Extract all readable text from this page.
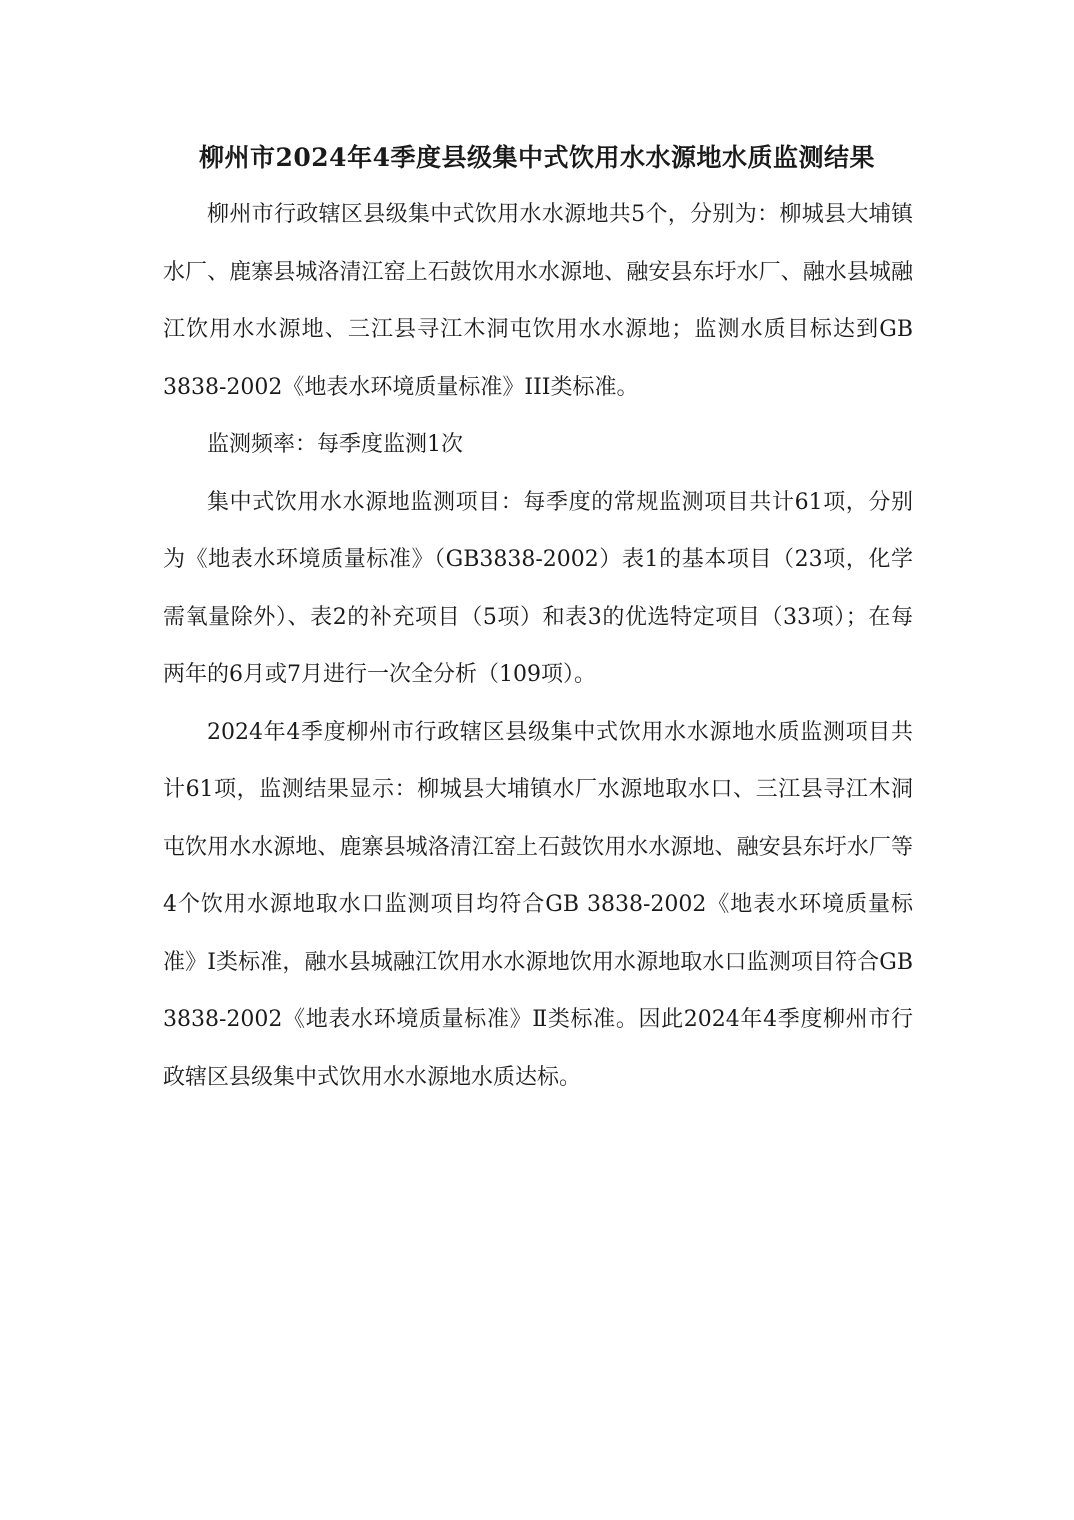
柳州市2024年4季度县级集中式饮用水水源地水质监测结果

柳州市行政辖区县级集中式饮用水水源地共5个，分别为：柳城县大埔镇水厂、鹿寨县城洛清江窑上石鼓饮用水水源地、融安县东圩水厂、融水县城融江饮用水水源地、三江县寻江木洞屯饮用水水源地；监测水质目标达到GB 3838-2002《地表水环境质量标准》III类标准。

监测频率：每季度监测1次

集中式饮用水水源地监测项目：每季度的常规监测项目共计61项，分别为《地表水环境质量标准》（GB3838-2002）表1的基本项目（23项，化学需氧量除外）、表2的补充项目（5项）和表3的优选特定项目（33项）；在每两年的6月或7月进行一次全分析（109项）。

2024年4季度柳州市行政辖区县级集中式饮用水水源地水质监测项目共计61项，监测结果显示：柳城县大埔镇水厂水源地取水口、三江县寻江木洞屯饮用水水源地、鹿寨县城洛清江窑上石鼓饮用水水源地、融安县东圩水厂等4个饮用水源地取水口监测项目均符合GB 3838-2002《地表水环境质量标准》Ⅰ类标准，融水县城融江饮用水水源地饮用水源地取水口监测项目符合GB 3838-2002《地表水环境质量标准》Ⅱ类标准。因此2024年4季度柳州市行政辖区县级集中式饮用水水源地水质达标。
